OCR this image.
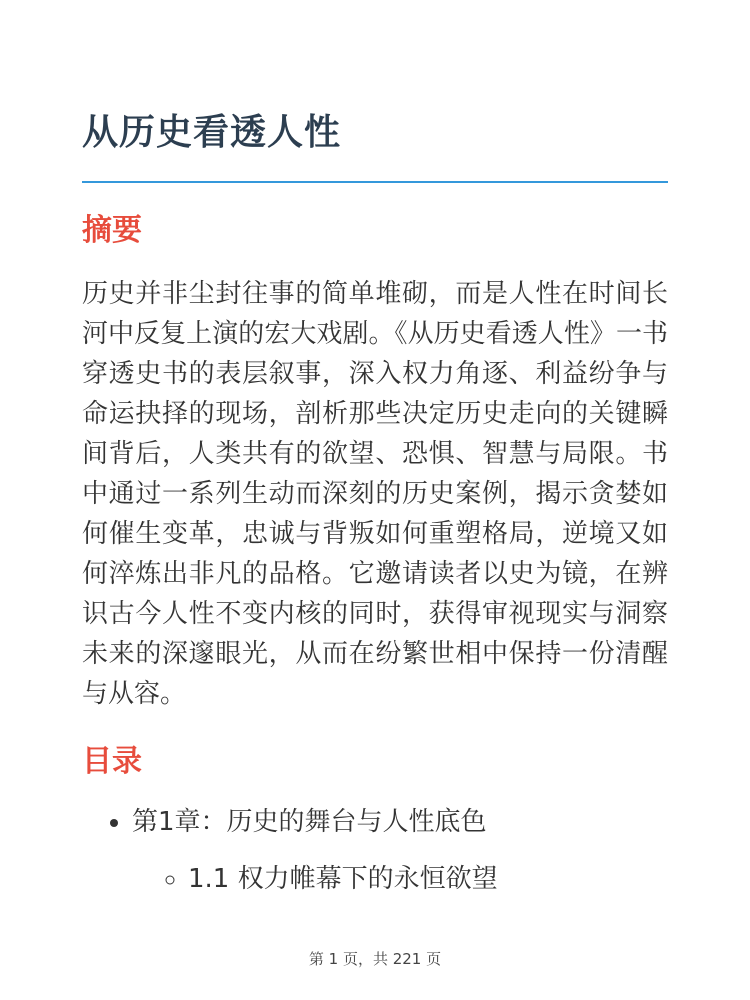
从历史看透人性
摘要

历史并非尘封往事的简单堆砌，而是人性在时间长河中反复上演的宏大戏剧。《从历史看透人性》一书穿透史书的表层叙事，深入权力角逐、利益纷争与命运抉择的现场，剖析那些决定历史走向的关键瞬间背后，人类共有的欲望、恐惧、智慧与局限。书中通过一系列生动而深刻的历史案例，揭示贪婪如何催生变革，忠诚与背叛如何重塑格局，逆境又如何淬炼出非凡的品格。它邀请读者以史为镜，在辨识古今人性不变内核的同时，获得审视现实与洞察未来的深邃眼光，从而在纷繁世相中保持一份清醒与从容。

目录
• 第1章：历史的舞台与人性底色
◦ 1.1 权力帷幕下的永恒欲望
第 1 页，共 221 页
